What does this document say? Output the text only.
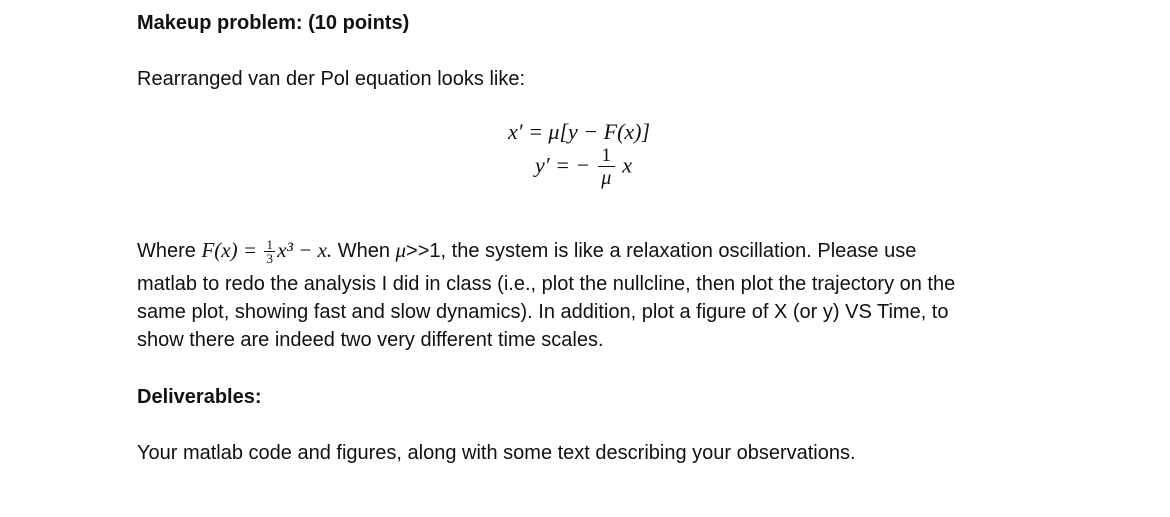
Makeup problem: (10 points)
Rearranged van der Pol equation looks like:
x′ = μ[y − F(x)]
y′ = − $\frac{1}{\mu}$ x
Where $F(x) = \frac{1}{3} x^3 - x$. When μ>>1, the system is like a relaxation oscillation. Please use
matlab to redo the analysis I did in class (i.e., plot the nullcline, then plot the trajectory on the
same plot, showing fast and slow dynamics). In addition, plot a figure of X (or y) VS Time, to
show there are indeed two very different time scales.
Deliverables:
Your matlab code and figures, along with some text describing your observations.
